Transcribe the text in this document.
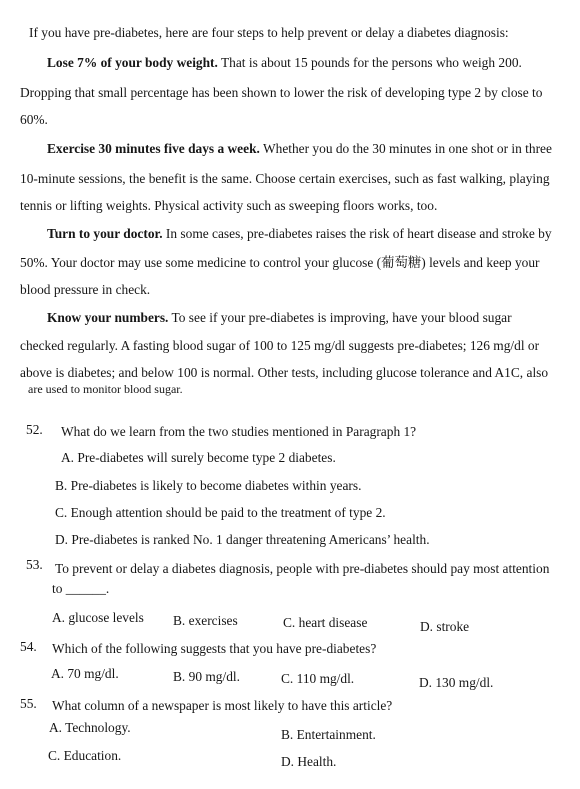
If you have pre-diabetes, here are four steps to help prevent or delay a diabetes diagnosis:
Lose 7% of your body weight. That is about 15 pounds for the persons who weigh 200.
Dropping that small percentage has been shown to lower the risk of developing type 2 by close to
60%.
Exercise 30 minutes five days a week. Whether you do the 30 minutes in one shot or in three
10-minute sessions, the benefit is the same. Choose certain exercises, such as fast walking, playing
tennis or lifting weights. Physical activity such as sweeping floors works, too.
Turn to your doctor. In some cases, pre-diabetes raises the risk of heart disease and stroke by
50%. Your doctor may use some medicine to control your glucose (葡萄糖) levels and keep your
blood pressure in check.
Know your numbers. To see if your pre-diabetes is improving, have your blood sugar
checked regularly. A fasting blood sugar of 100 to 125 mg/dl suggests pre-diabetes; 126 mg/dl or
above is diabetes; and below 100 is normal. Other tests, including glucose tolerance and A1C, also
are used to monitor blood sugar.
52. What do we learn from the two studies mentioned in Paragraph 1?
A. Pre-diabetes will surely become type 2 diabetes.
B. Pre-diabetes is likely to become diabetes within years.
C. Enough attention should be paid to the treatment of type 2.
D. Pre-diabetes is ranked No. 1 danger threatening Americans’ health.
53. To prevent or delay a diabetes diagnosis, people with pre-diabetes should pay most attention
to ______.
A. glucose levels B. exercises	C. heart disease	D. stroke
54. Which of the following suggests that you have pre-diabetes?
A. 70 mg/dl.	B. 90 mg/dl.	C. 110 mg/dl.	D. 130 mg/dl.
55. What column of a newspaper is most likely to have this article?
A. Technology.	B. Entertainment.
C. Education.	D. Health.
